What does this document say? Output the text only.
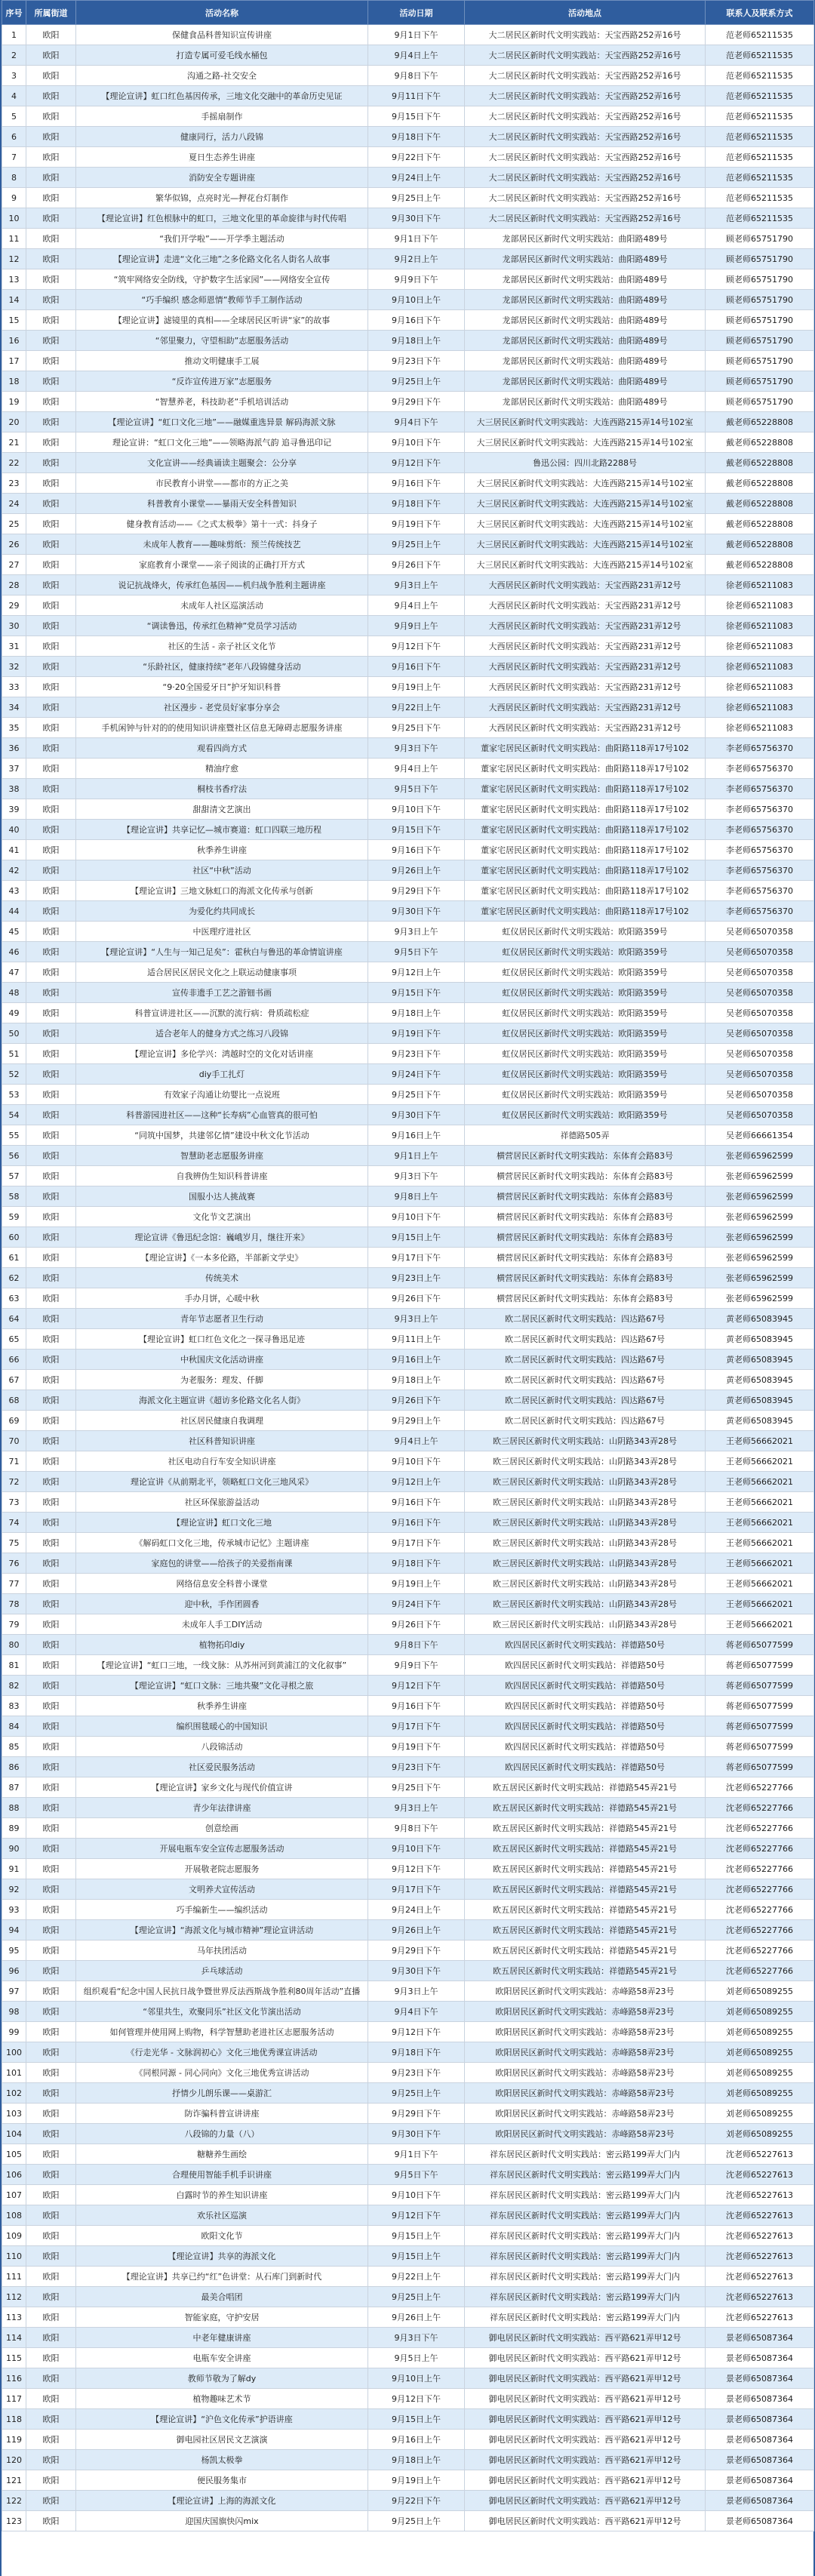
序号	所属街道	活动名称	活动日期	活动地点	联系人及联系方式
1	欧阳	保健食品科普知识宣传讲座	9月1日下午	大二居民区新时代文明实践站：天宝西路252弄16号	范老师65211535
2	欧阳	打造专属可爱毛线水桶包	9月4日上午	大二居民区新时代文明实践站：天宝西路252弄16号	范老师65211535
3	欧阳	沟通之路-社交安全	9月8日下午	大二居民区新时代文明实践站：天宝西路252弄16号	范老师65211535
4	欧阳	【理论宣讲】虹口红色基因传承，三地文化交融中的革命历史见证	9月11日下午	大二居民区新时代文明实践站：天宝西路252弄16号	范老师65211535
5	欧阳	手摇扇制作	9月15日下午	大二居民区新时代文明实践站：天宝西路252弄16号	范老师65211535
6	欧阳	健康同行，活力八段锦	9月18日下午	大二居民区新时代文明实践站：天宝西路252弄16号	范老师65211535
7	欧阳	夏日生态养生讲座	9月22日下午	大二居民区新时代文明实践站：天宝西路252弄16号	范老师65211535
8	欧阳	消防安全专题讲座	9月24日上午	大二居民区新时代文明实践站：天宝西路252弄16号	范老师65211535
9	欧阳	繁华似锦，点亮时光—押花台灯制作	9月25日上午	大二居民区新时代文明实践站：天宝西路252弄16号	范老师65211535
10	欧阳	【理论宣讲】红色根脉中的虹口，三地文化里的革命旋律与时代传唱	9月30日下午	大二居民区新时代文明实践站：天宝西路252弄16号	范老师65211535
11	欧阳	“我们开学啦”——开学季主题活动	9月1日下午	龙部居民区新时代文明实践站：曲阳路489号	顾老师65751790
12	欧阳	【理论宣讲】走进“文化三地”之多伦路文化名人街名人故事	9月2日上午	龙部居民区新时代文明实践站：曲阳路489号	顾老师65751790
13	欧阳	“筑牢网络安全防线，守护数字生活家园”——网络安全宣传	9月9日下午	龙部居民区新时代文明实践站：曲阳路489号	顾老师65751790
14	欧阳	“巧手编织 感念师恩情”教师节手工制作活动	9月10日上午	龙部居民区新时代文明实践站：曲阳路489号	顾老师65751790
15	欧阳	【理论宣讲】滤镜里的真相——全球居民区听讲“家”的故事	9月16日下午	龙部居民区新时代文明实践站：曲阳路489号	顾老师65751790
16	欧阳	“邻里聚力，守望相助”志愿服务活动	9月18日上午	龙部居民区新时代文明实践站：曲阳路489号	顾老师65751790
17	欧阳	推动文明健康手工展	9月23日下午	龙部居民区新时代文明实践站：曲阳路489号	顾老师65751790
18	欧阳	“反诈宣传进万家”志愿服务	9月25日上午	龙部居民区新时代文明实践站：曲阳路489号	顾老师65751790
19	欧阳	“智慧养老，科技助老”手机培训活动	9月29日下午	龙部居民区新时代文明实践站：曲阳路489号	顾老师65751790
20	欧阳	【理论宣讲】“虹口文化三地”——融媒重选异景 解码海派文脉	9月4日下午	大三居民区新时代文明实践站：大连西路215弄14号102室	戴老师65228808
21	欧阳	理论宣讲：“虹口文化三地”——领略海派气韵 追寻鲁迅印记	9月10日下午	大三居民区新时代文明实践站：大连西路215弄14号102室	戴老师65228808
22	欧阳	文化宣讲——经典诵读主题聚会：公分享	9月12日下午	鲁迅公园：四川北路2288号	戴老师65228808
23	欧阳	市民教育小讲堂——都市的方正之美	9月16日下午	大三居民区新时代文明实践站：大连西路215弄14号102室	戴老师65228808
24	欧阳	科普教育小课堂——暴雨天安全科普知识	9月18日下午	大三居民区新时代文明实践站：大连西路215弄14号102室	戴老师65228808
25	欧阳	健身教育活动——《之式太极拳》第十一式：抖身子	9月19日下午	大三居民区新时代文明实践站：大连西路215弄14号102室	戴老师65228808
26	欧阳	未成年人教育——趣味剪纸：预兰传统技艺	9月25日上午	大三居民区新时代文明实践站：大连西路215弄14号102室	戴老师65228808
27	欧阳	家庭教育小课堂——亲子阅读的正确打开方式	9月26日下午	大三居民区新时代文明实践站：大连西路215弄14号102室	戴老师65228808
28	欧阳	说记抗战烽火，传承红色基因——机归战争胜利主题讲座	9月3日上午	大西居民区新时代文明实践站：天宝西路231弄12号	徐老师65211083
29	欧阳	未成年人社区巡演活动	9月4日上午	大西居民区新时代文明实践站：天宝西路231弄12号	徐老师65211083
30	欧阳	“调读鲁迅，传承红色精神”党员学习活动	9月9日上午	大西居民区新时代文明实践站：天宝西路231弄12号	徐老师65211083
31	欧阳	社区的生活 - 亲子社区文化节	9月12日下午	大西居民区新时代文明实践站：天宝西路231弄12号	徐老师65211083
32	欧阳	“乐龄社区，健康持续”老年八段锦健身活动	9月16日下午	大西居民区新时代文明实践站：天宝西路231弄12号	徐老师65211083
33	欧阳	“9·20全国爱牙日”护牙知识科普	9月19日上午	大西居民区新时代文明实践站：天宝西路231弄12号	徐老师65211083
34	欧阳	社区漫步 - 老党员好家事分享会	9月22日上午	大西居民区新时代文明实践站：天宝西路231弄12号	徐老师65211083
35	欧阳	手机闲钟与针对的的使用知识讲座暨社区信息无障碍志愿服务讲座	9月25日下午	大西居民区新时代文明实践站：天宝西路231弄12号	徐老师65211083
36	欧阳	观看四尚方式	9月3日下午	董家宅居民区新时代文明实践站：曲阳路118弄17号102	李老师65756370
37	欧阳	精油疗愈	9月4日上午	董家宅居民区新时代文明实践站：曲阳路118弄17号102	李老师65756370
38	欧阳	桐枝书香疗法	9月5日下午	董家宅居民区新时代文明实践站：曲阳路118弄17号102	李老师65756370
39	欧阳	甜甜清文艺演出	9月10日下午	董家宅居民区新时代文明实践站：曲阳路118弄17号102	李老师65756370
40	欧阳	【理论宣讲】共享记忆—城市赛道：虹口四联三地历程	9月15日下午	董家宅居民区新时代文明实践站：曲阳路118弄17号102	李老师65756370
41	欧阳	秋季养生讲座	9月16日下午	董家宅居民区新时代文明实践站：曲阳路118弄17号102	李老师65756370
42	欧阳	社区“中秋”活动	9月26日上午	董家宅居民区新时代文明实践站：曲阳路118弄17号102	李老师65756370
43	欧阳	【理论宣讲】三地文脉虹口的海派文化传承与创新	9月29日下午	董家宅居民区新时代文明实践站：曲阳路118弄17号102	李老师65756370
44	欧阳	为爱化约共同成长	9月30日下午	董家宅居民区新时代文明实践站：曲阳路118弄17号102	李老师65756370
45	欧阳	中医理疗进社区	9月3日上午	虹仪居民区新时代文明实践站：欧阳路359号	吴老师65070358
46	欧阳	【理论宣讲】“人生与一知己足矣”：霍秋白与鲁迅的革命情谊讲座	9月5日下午	虹仪居民区新时代文明实践站：欧阳路359号	吴老师65070358
47	欧阳	适合居民区居民文化之上联运动健康事项	9月12日上午	虹仪居民区新时代文明实践站：欧阳路359号	吴老师65070358
48	欧阳	宣传非遗手工艺之游钿书画	9月15日下午	虹仪居民区新时代文明实践站：欧阳路359号	吴老师65070358
49	欧阳	科普宣讲进社区——沉默的流行病：骨质疏松症	9月18日上午	虹仪居民区新时代文明实践站：欧阳路359号	吴老师65070358
50	欧阳	适合老年人的健身方式之练习八段锦	9月19日下午	虹仪居民区新时代文明实践站：欧阳路359号	吴老师65070358
51	欧阳	【理论宣讲】多伦学兴：鸿越时空的文化对话讲座	9月23日下午	虹仪居民区新时代文明实践站：欧阳路359号	吴老师65070358
52	欧阳	diy手工扎灯	9月24日下午	虹仪居民区新时代文明实践站：欧阳路359号	吴老师65070358
53	欧阳	有效家子沟通让幼婴比一点说班	9月25日下午	虹仪居民区新时代文明实践站：欧阳路359号	吴老师65070358
54	欧阳	科普游园进社区——这种“长寿病”心血管真的很可怕	9月30日下午	虹仪居民区新时代文明实践站：欧阳路359号	吴老师65070358
55	欧阳	“同筑中国梦，共建邻亿情”建设中秋文化节活动	9月16日上午	祥德路505弄	吴老师66661354
56	欧阳	智慧助老志愿服务讲座	9月1日上午	横营居民区新时代文明实践站：东体育会路83号	张老师65962599
57	欧阳	自我辨伪生知识科普讲座	9月3日下午	横营居民区新时代文明实践站：东体育会路83号	张老师65962599
58	欧阳	国服小达人挑战赛	9月8日上午	横营居民区新时代文明实践站：东体育会路83号	张老师65962599
59	欧阳	文化节文艺演出	9月10日下午	横营居民区新时代文明实践站：东体育会路83号	张老师65962599
60	欧阳	理论宣讲《鲁迅纪念馆：巍峨岁月，继往开来》	9月15日上午	横营居民区新时代文明实践站：东体育会路83号	张老师65962599
61	欧阳	【理论宣讲】《一本多伦路，半部新文学史》	9月17日下午	横营居民区新时代文明实践站：东体育会路83号	张老师65962599
62	欧阳	传统美术	9月23日上午	横营居民区新时代文明实践站：东体育会路83号	张老师65962599
63	欧阳	手办月饼，心暖中秋	9月26日下午	横营居民区新时代文明实践站：东体育会路83号	张老师65962599
64	欧阳	青年节志愿者卫生行动	9月3日上午	欧二居民区新时代文明实践站：四达路67号	黄老师65083945
65	欧阳	【理论宣讲】虹口红色文化之一探寻鲁迅足迹	9月11日上午	欧二居民区新时代文明实践站：四达路67号	黄老师65083945
66	欧阳	中秋国庆文化活动讲座	9月16日上午	欧二居民区新时代文明实践站：四达路67号	黄老师65083945
67	欧阳	为老服务：理发、仟脚	9月18日上午	欧二居民区新时代文明实践站：四达路67号	黄老师65083945
68	欧阳	海派文化主题宣讲《超访多伦路文化名人街》	9月26日下午	欧二居民区新时代文明实践站：四达路67号	黄老师65083945
69	欧阳	社区居民健康自我调理	9月29日上午	欧二居民区新时代文明实践站：四达路67号	黄老师65083945
70	欧阳	社区科普知识讲座	9月4日上午	欧三居民区新时代文明实践站：山阴路343弄28号	王老师56662021
71	欧阳	社区电动自行车安全知识讲座	9月10日下午	欧三居民区新时代文明实践站：山阴路343弄28号	王老师56662021
72	欧阳	理论宣讲《从前期北平，领略虹口文化三地风采》	9月12日上午	欧三居民区新时代文明实践站：山阴路343弄28号	王老师56662021
73	欧阳	社区环保旅游益活动	9月16日下午	欧三居民区新时代文明实践站：山阴路343弄28号	王老师56662021
74	欧阳	【理论宣讲】虹口文化三地	9月16日下午	欧三居民区新时代文明实践站：山阴路343弄28号	王老师56662021
75	欧阳	《解码虹口文化三地，传承城市记忆》主题讲座	9月17日下午	欧三居民区新时代文明实践站：山阴路343弄28号	王老师56662021
76	欧阳	家庭包的讲堂——给孩子的关爱指南课	9月18日下午	欧三居民区新时代文明实践站：山阴路343弄28号	王老师56662021
77	欧阳	网络信息安全科普小课堂	9月19日上午	欧三居民区新时代文明实践站：山阴路343弄28号	王老师56662021
78	欧阳	迎中秋，手作团圆香	9月24日下午	欧三居民区新时代文明实践站：山阴路343弄28号	王老师56662021
79	欧阳	未成年人手工DIY活动	9月26日下午	欧三居民区新时代文明实践站：山阴路343弄28号	王老师56662021
80	欧阳	植物拓印diy	9月8日下午	欧四居民区新时代文明实践站：祥德路50号	蒋老师65077599
81	欧阳	【理论宣讲】“虹口三地，一线文脉：从苏州河到黄浦江的文化叙事”	9月9日下午	欧四居民区新时代文明实践站：祥德路50号	蒋老师65077599
82	欧阳	【理论宣讲】“虹口文脉：三地共聚”文化寻根之旅	9月12日下午	欧四居民区新时代文明实践站：祥德路50号	蒋老师65077599
83	欧阳	秋季养生讲座	9月16日下午	欧四居民区新时代文明实践站：祥德路50号	蒋老师65077599
84	欧阳	编织围毯暖心的中国知识	9月17日下午	欧四居民区新时代文明实践站：祥德路50号	蒋老师65077599
85	欧阳	八段锦活动	9月19日下午	欧四居民区新时代文明实践站：祥德路50号	蒋老师65077599
86	欧阳	社区爱民服务活动	9月23日下午	欧四居民区新时代文明实践站：祥德路50号	蒋老师65077599
87	欧阳	【理论宣讲】家乡文化与现代价值宣讲	9月25日下午	欧五居民区新时代文明实践站：祥德路545弄21号	沈老师65227766
88	欧阳	青少年法律讲座	9月3日上午	欧五居民区新时代文明实践站：祥德路545弄21号	沈老师65227766
89	欧阳	创意绘画	9月8日下午	欧五居民区新时代文明实践站：祥德路545弄21号	沈老师65227766
90	欧阳	开展电瓶车安全宣传志愿服务活动	9月10日下午	欧五居民区新时代文明实践站：祥德路545弄21号	沈老师65227766
91	欧阳	开展敬老院志愿服务	9月12日下午	欧五居民区新时代文明实践站：祥德路545弄21号	沈老师65227766
92	欧阳	文明养犬宣传活动	9月17日下午	欧五居民区新时代文明实践站：祥德路545弄21号	沈老师65227766
93	欧阳	巧手编新生——编织活动	9月24日上午	欧五居民区新时代文明实践站：祥德路545弄21号	沈老师65227766
94	欧阳	【理论宣讲】“海派文化与城市精神”理论宣讲活动	9月26日上午	欧五居民区新时代文明实践站：祥德路545弄21号	沈老师65227766
95	欧阳	马年扶团活动	9月29日下午	欧五居民区新时代文明实践站：祥德路545弄21号	沈老师65227766
96	欧阳	乒乓球活动	9月30日下午	欧五居民区新时代文明实践站：祥德路545弄21号	沈老师65227766
97	欧阳	组织观看“纪念中国人民抗日战争暨世界反法西斯战争胜利80周年活动”直播	9月3日上午	欧阳居民区新时代文明实践站：赤峰路58弄23号	刘老师65089255
98	欧阳	“邻里共生，欢聚同乐”社区文化节演出活动	9月4日下午	欧阳居民区新时代文明实践站：赤峰路58弄23号	刘老师65089255
99	欧阳	如何管理并使用网上购物，科学智慧助老进社区志愿服务活动	9月12日下午	欧阳居民区新时代文明实践站：赤峰路58弄23号	刘老师65089255
100	欧阳	《行走光华 - 文脉润初心》文化三地优秀课宣讲活动	9月18日下午	欧阳居民区新时代文明实践站：赤峰路58弄23号	刘老师65089255
101	欧阳	《同根同源 - 同心同向》文化三地优秀宣讲活动	9月23日下午	欧阳居民区新时代文明实践站：赤峰路58弄23号	刘老师65089255
102	欧阳	抒情少儿朗乐课——桌游汇	9月25日上午	欧阳居民区新时代文明实践站：赤峰路58弄23号	刘老师65089255
103	欧阳	防诈骗科普宣讲讲座	9月29日下午	欧阳居民区新时代文明实践站：赤峰路58弄23号	刘老师65089255
104	欧阳	八段锦的力量（八）	9月30日下午	欧阳居民区新时代文明实践站：赤峰路58弄23号	刘老师65089255
105	欧阳	糖糖养生画绘	9月1日下午	祥东居民区新时代文明实践站：密云路199弄大门内	沈老师65227613
106	欧阳	合理使用智能手机手识讲座	9月5日下午	祥东居民区新时代文明实践站：密云路199弄大门内	沈老师65227613
107	欧阳	白露时节的养生知识讲座	9月10日下午	祥东居民区新时代文明实践站：密云路199弄大门内	沈老师65227613
108	欧阳	欢乐社区巡演	9月12日下午	祥东居民区新时代文明实践站：密云路199弄大门内	沈老师65227613
109	欧阳	欧阳文化节	9月15日上午	祥东居民区新时代文明实践站：密云路199弄大门内	沈老师65227613
110	欧阳	【理论宣讲】共享的海派文化	9月15日上午	祥东居民区新时代文明实践站：密云路199弄大门内	沈老师65227613
111	欧阳	【理论宣讲】共享已约“红”色讲堂：从石库门到新时代	9月22日上午	祥东居民区新时代文明实践站：密云路199弄大门内	沈老师65227613
112	欧阳	最美合唱团	9月25日上午	祥东居民区新时代文明实践站：密云路199弄大门内	沈老师65227613
113	欧阳	智能家庭，守护安居	9月26日上午	祥东居民区新时代文明实践站：密云路199弄大门内	沈老师65227613
114	欧阳	中老年健康讲座	9月3日下午	御电居民区新时代文明实践站：西平路621弄甲12号	景老师65087364
115	欧阳	电瓶车安全讲座	9月5日上午	御电居民区新时代文明实践站：西平路621弄甲12号	景老师65087364
116	欧阳	教师节敬为了解dy	9月10日上午	御电居民区新时代文明实践站：西平路621弄甲12号	景老师65087364
117	欧阳	植物趣味艺术节	9月12日下午	御电居民区新时代文明实践站：西平路621弄甲12号	景老师65087364
118	欧阳	【理论宣讲】“沪色文化传承”护语讲座	9月15日上午	御电居民区新时代文明实践站：西平路621弄甲12号	景老师65087364
119	欧阳	御电园社区居民文艺演演	9月16日上午	御电居民区新时代文明实践站：西平路621弄甲12号	景老师65087364
120	欧阳	杨凯太极拳	9月18日上午	御电居民区新时代文明实践站：西平路621弄甲12号	景老师65087364
121	欧阳	便民服务集市	9月19日上午	御电居民区新时代文明实践站：西平路621弄甲12号	景老师65087364
122	欧阳	【理论宣讲】上海的海派文化	9月22日下午	御电居民区新时代文明实践站：西平路621弄甲12号	景老师65087364
123	欧阳	迎国庆国旗快闪mix	9月25日上午	御电居民区新时代文明实践站：西平路621弄甲12号	景老师65087364
